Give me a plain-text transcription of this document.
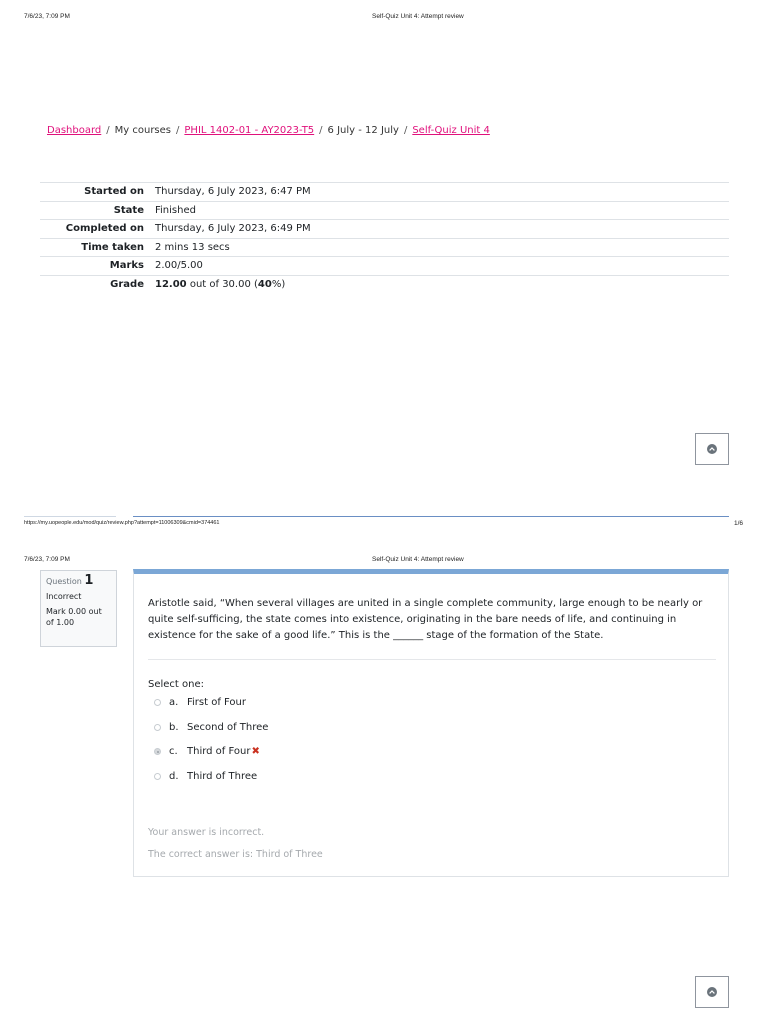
7/6/23, 7:09 PM	Self-Quiz Unit 4: Attempt review
Dashboard / My courses / PHIL 1402-01 - AY2023-T5 / 6 July - 12 July / Self-Quiz Unit 4
Started on	Thursday, 6 July 2023, 6:47 PM
State	Finished
Completed on	Thursday, 6 July 2023, 6:49 PM
Time taken	2 mins 13 secs
Marks	2.00/5.00
Grade	12.00 out of 30.00 (40%)
https://my.uopeople.edu/mod/quiz/review.php?attempt=11006309&cmid=374461	1/6
7/6/23, 7:09 PM	Self-Quiz Unit 4: Attempt review
Question 1
Incorrect
Mark 0.00 out of 1.00
Aristotle said, “When several villages are united in a single complete community, large enough to be nearly or quite self-sufficing, the state comes into existence, originating in the bare needs of life, and continuing in existence for the sake of a good life.” This is the ______ stage of the formation of the State.
Select one:
a. First of Four
b. Second of Three
c. Third of Four ✖
d. Third of Three
Your answer is incorrect.
The correct answer is: Third of Three
